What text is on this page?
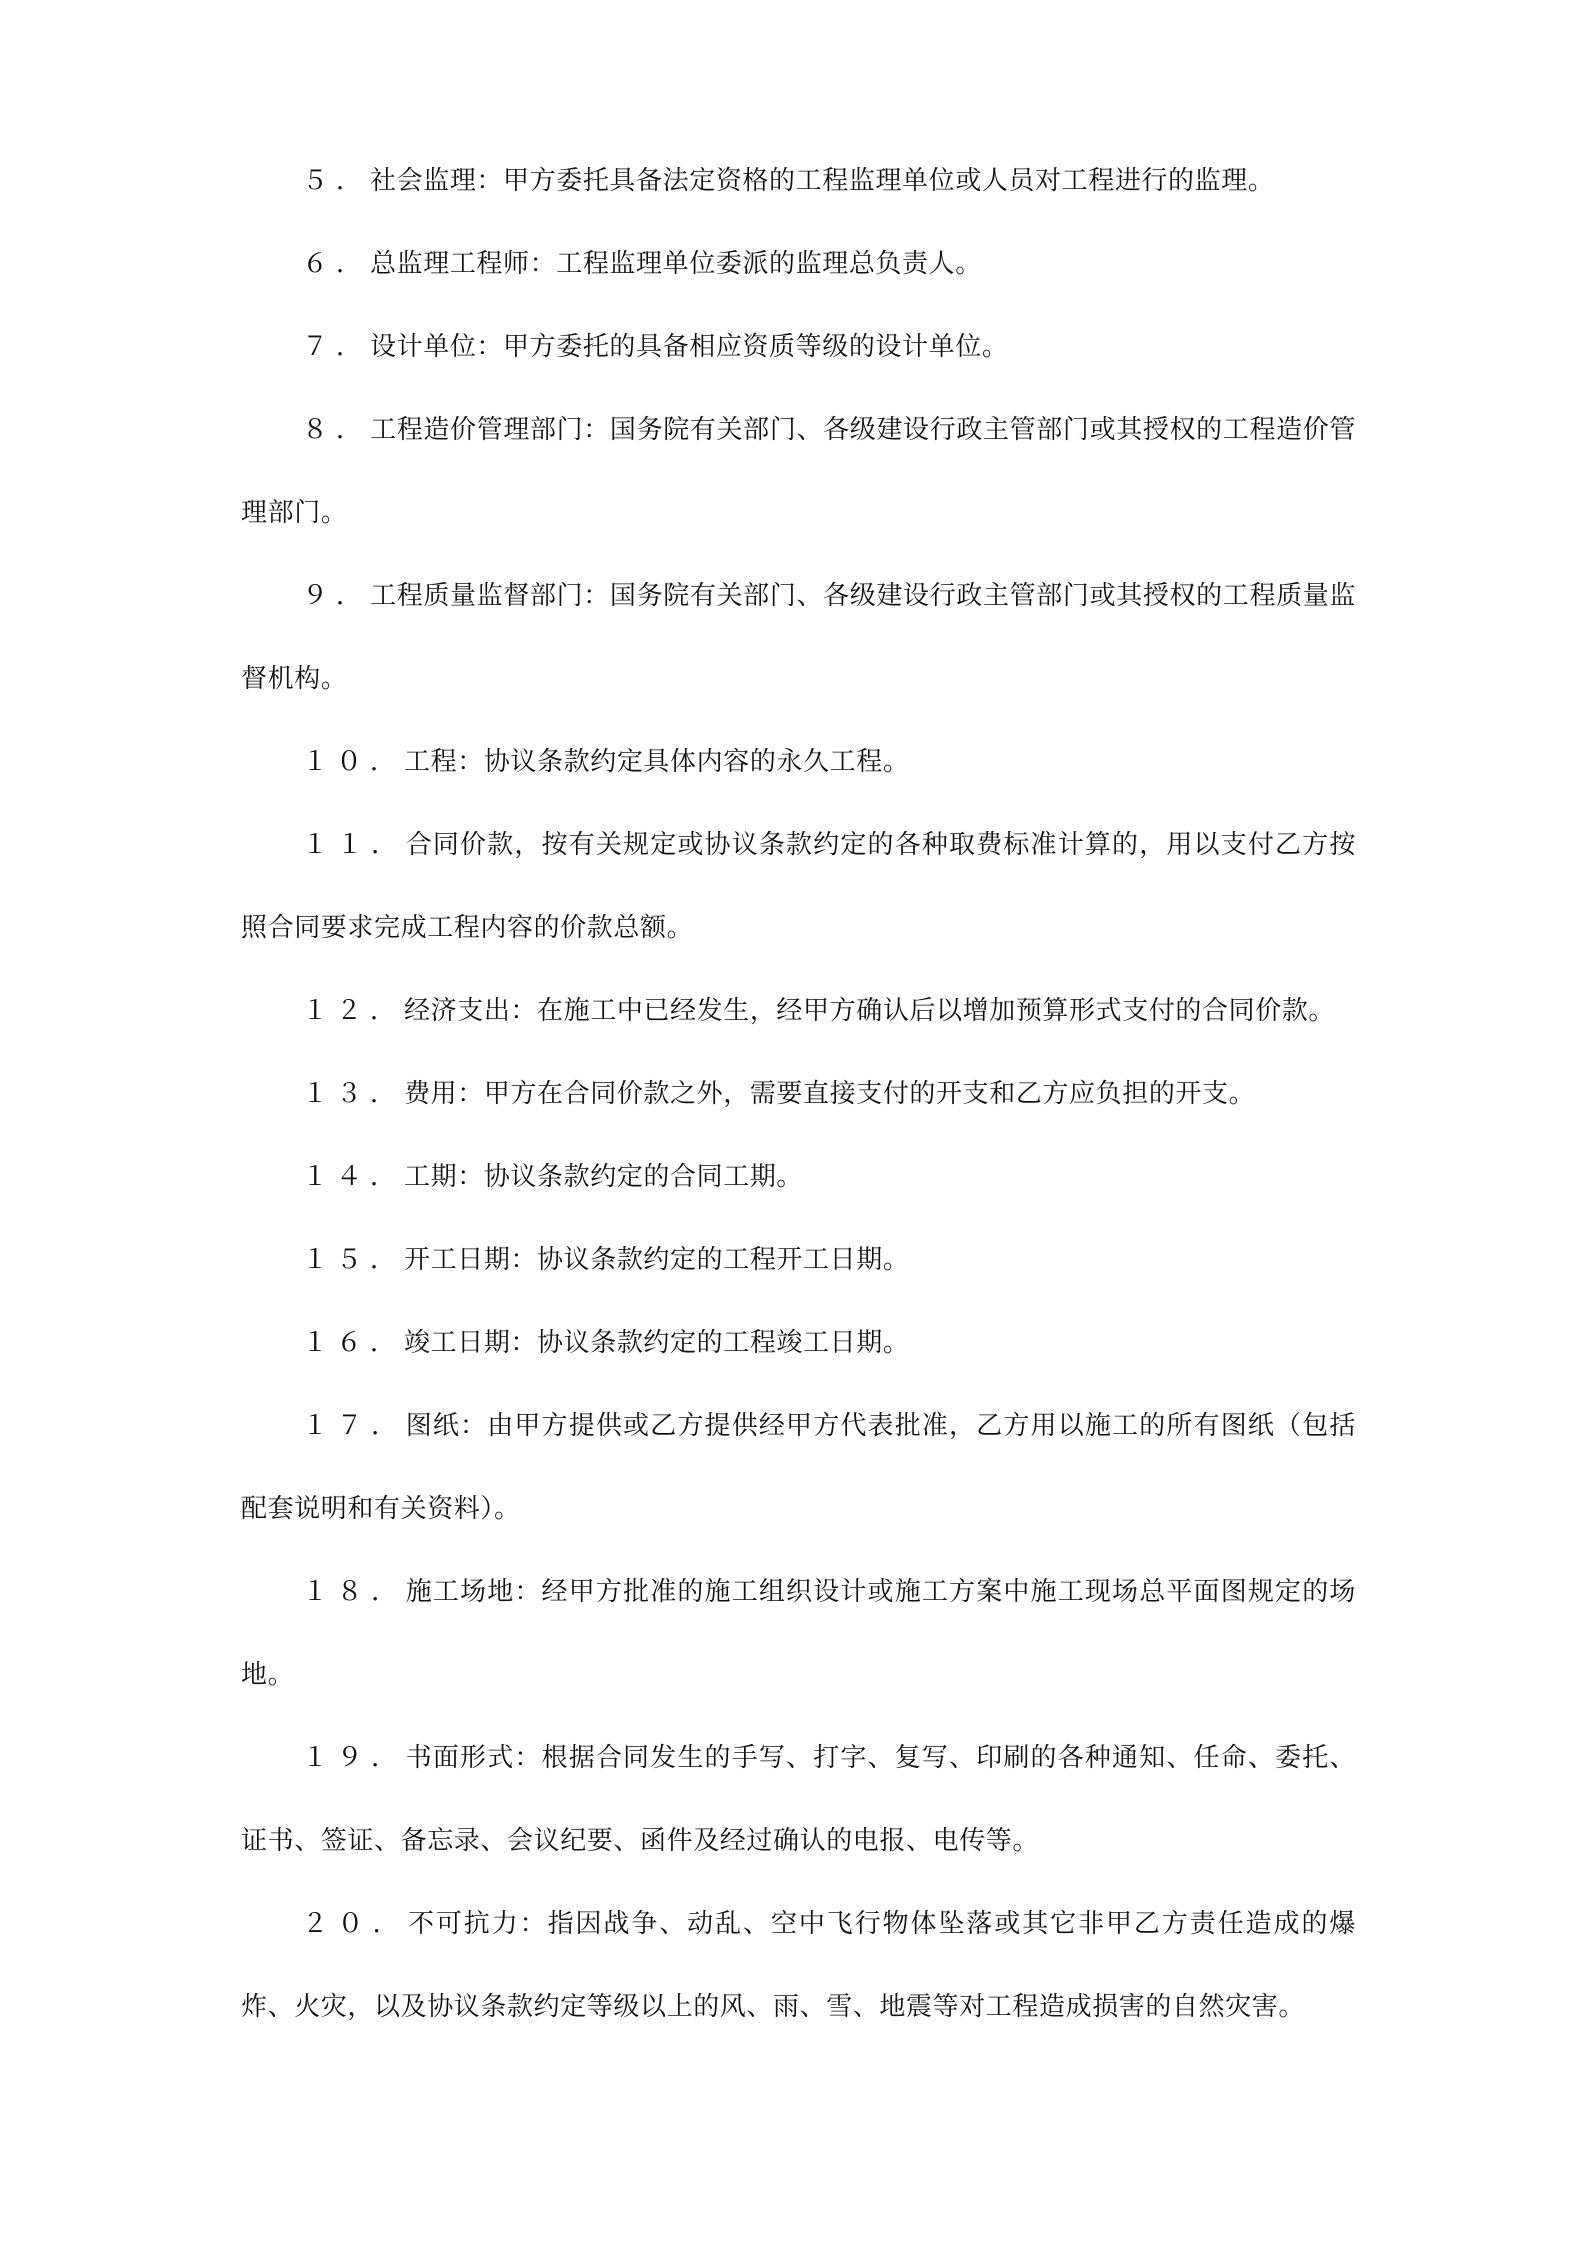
５．社会监理：甲方委托具备法定资格的工程监理单位或人员对工程进行的监理。
６．总监理工程师：工程监理单位委派的监理总负责人。
７．设计单位：甲方委托的具备相应资质等级的设计单位。
８．工程造价管理部门：国务院有关部门、各级建设行政主管部门或其授权的工程造价管理部门。
９．工程质量监督部门：国务院有关部门、各级建设行政主管部门或其授权的工程质量监督机构。
１０．工程：协议条款约定具体内容的永久工程。
１１．合同价款，按有关规定或协议条款约定的各种取费标准计算的，用以支付乙方按照合同要求完成工程内容的价款总额。
１２．经济支出：在施工中已经发生，经甲方确认后以增加预算形式支付的合同价款。
１３．费用：甲方在合同价款之外，需要直接支付的开支和乙方应负担的开支。
１４．工期：协议条款约定的合同工期。
１５．开工日期：协议条款约定的工程开工日期。
１６．竣工日期：协议条款约定的工程竣工日期。
１７．图纸：由甲方提供或乙方提供经甲方代表批准，乙方用以施工的所有图纸（包括配套说明和有关资料）。
１８．施工场地：经甲方批准的施工组织设计或施工方案中施工现场总平面图规定的场地。
１９．书面形式：根据合同发生的手写、打字、复写、印刷的各种通知、任命、委托、证书、签证、备忘录、会议纪要、函件及经过确认的电报、电传等。
２０．不可抗力：指因战争、动乱、空中飞行物体坠落或其它非甲乙方责任造成的爆炸、火灾，以及协议条款约定等级以上的风、雨、雪、地震等对工程造成损害的自然灾害。
